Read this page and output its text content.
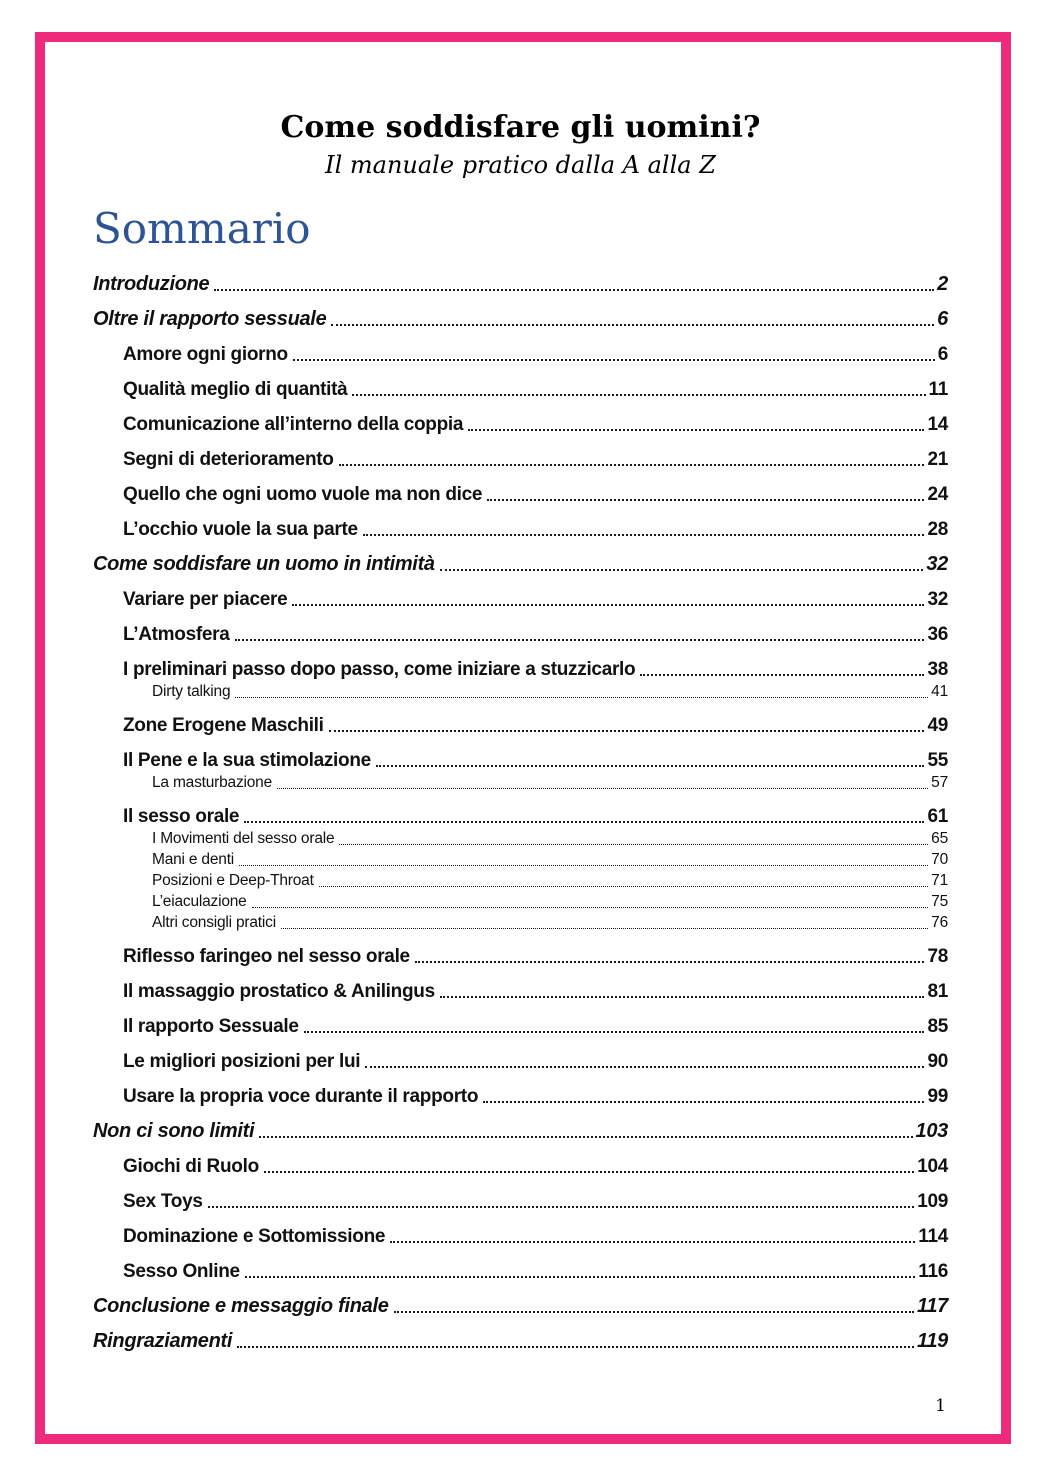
Come soddisfare gli uomini?
Il manuale pratico dalla A alla Z
Sommario
Introduzione	2
Oltre il rapporto sessuale	6
Amore ogni giorno	6
Qualità meglio di quantità	11
Comunicazione all’interno della coppia	14
Segni di deterioramento	21
Quello che ogni uomo vuole ma non dice	24
L’occhio vuole la sua parte	28
Come soddisfare un uomo in intimità	32
Variare per piacere	32
L’Atmosfera	36
I preliminari passo dopo passo, come iniziare a stuzzicarlo	38
Dirty talking	41
Zone Erogene Maschili	49
Il Pene e la sua stimolazione	55
La masturbazione	57
Il sesso orale	61
I Movimenti del sesso orale	65
Mani e denti	70
Posizioni e Deep-Throat	71
L’eiaculazione	75
Altri consigli pratici	76
Riflesso faringeo nel sesso orale	78
Il massaggio prostatico & Anilingus	81
Il rapporto Sessuale	85
Le migliori posizioni per lui	90
Usare la propria voce durante il rapporto	99
Non ci sono limiti	103
Giochi di Ruolo	104
Sex Toys	109
Dominazione e Sottomissione	114
Sesso Online	116
Conclusione e messaggio finale	117
Ringraziamenti	119
1
